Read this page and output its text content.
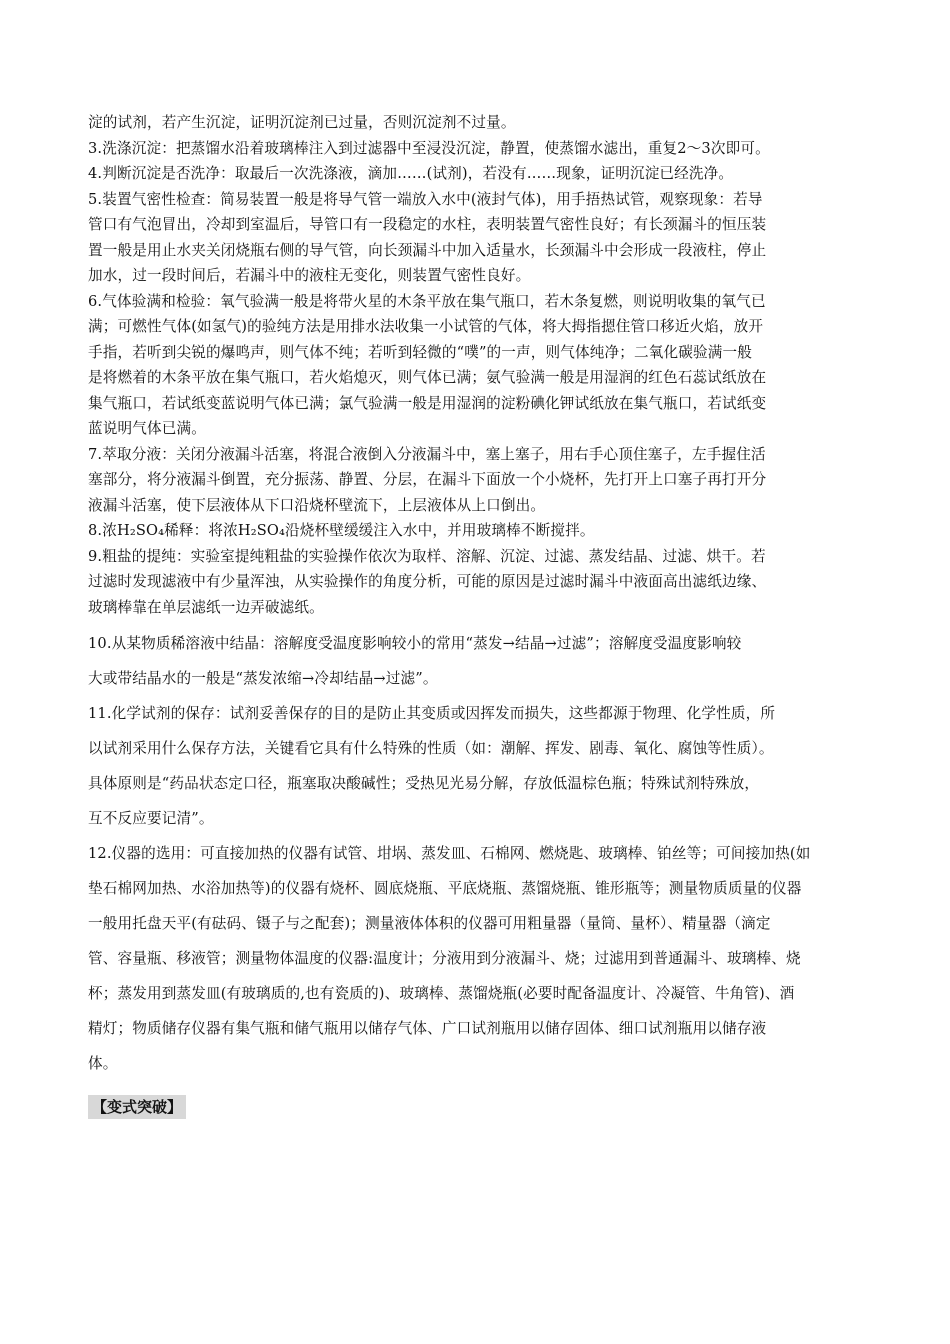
淀的试剂，若产生沉淀，证明沉淀剂已过量，否则沉淀剂不过量。
3.洗涤沉淀：把蒸馏水沿着玻璃棒注入到过滤器中至浸没沉淀，静置，使蒸馏水滤出，重复2～3次即可。
4.判断沉淀是否洗净：取最后一次洗涤液，滴加……(试剂)，若没有……现象，证明沉淀已经洗净。
5.装置气密性检查：简易装置一般是将导气管一端放入水中(液封气体)，用手捂热试管，观察现象：若导
管口有气泡冒出，冷却到室温后，导管口有一段稳定的水柱，表明装置气密性良好；有长颈漏斗的恒压装
置一般是用止水夹关闭烧瓶右侧的导气管，向长颈漏斗中加入适量水，长颈漏斗中会形成一段液柱，停止
加水，过一段时间后，若漏斗中的液柱无变化，则装置气密性良好。
6.气体验满和检验：氧气验满一般是将带火星的木条平放在集气瓶口，若木条复燃，则说明收集的氧气已
满；可燃性气体(如氢气)的验纯方法是用排水法收集一小试管的气体，将大拇指摁住管口移近火焰，放开
手指，若听到尖锐的爆鸣声，则气体不纯；若听到轻微的“噗”的一声，则气体纯净；二氧化碳验满一般
是将燃着的木条平放在集气瓶口，若火焰熄灭，则气体已满；氨气验满一般是用湿润的红色石蕊试纸放在
集气瓶口，若试纸变蓝说明气体已满；氯气验满一般是用湿润的淀粉碘化钾试纸放在集气瓶口，若试纸变
蓝说明气体已满。
7.萃取分液：关闭分液漏斗活塞，将混合液倒入分液漏斗中，塞上塞子，用右手心顶住塞子，左手握住活
塞部分，将分液漏斗倒置，充分振荡、静置、分层，在漏斗下面放一个小烧杯，先打开上口塞子再打开分
液漏斗活塞，使下层液体从下口沿烧杯壁流下，上层液体从上口倒出。
8.浓H₂SO₄稀释：将浓H₂SO₄沿烧杯壁缓缓注入水中，并用玻璃棒不断搅拌。
9.粗盐的提纯：实验室提纯粗盐的实验操作依次为取样、溶解、沉淀、过滤、蒸发结晶、过滤、烘干。若
过滤时发现滤液中有少量浑浊，从实验操作的角度分析，可能的原因是过滤时漏斗中液面高出滤纸边缘、
玻璃棒靠在单层滤纸一边弄破滤纸。
10.从某物质稀溶液中结晶：溶解度受温度影响较小的常用“蒸发→结晶→过滤”；溶解度受温度影响较
大或带结晶水的一般是“蒸发浓缩→冷却结晶→过滤”。
11.化学试剂的保存：试剂妥善保存的目的是防止其变质或因挥发而损失，这些都源于物理、化学性质，所
以试剂采用什么保存方法，关键看它具有什么特殊的性质（如：潮解、挥发、剧毒、氧化、腐蚀等性质）。
具体原则是“药品状态定口径，瓶塞取决酸碱性；受热见光易分解，存放低温棕色瓶；特殊试剂特殊放，
互不反应要记清”。
12.仪器的选用：可直接加热的仪器有试管、坩埚、蒸发皿、石棉网、燃烧匙、玻璃棒、铂丝等；可间接加热(如
垫石棉网加热、水浴加热等)的仪器有烧杯、圆底烧瓶、平底烧瓶、蒸馏烧瓶、锥形瓶等；测量物质质量的仪器
一般用托盘天平(有砝码、镊子与之配套)；测量液体体积的仪器可用粗量器（量筒、量杯）、精量器（滴定
管、容量瓶、移液管；测量物体温度的仪器:温度计；分液用到分液漏斗、烧；过滤用到普通漏斗、玻璃棒、烧
杯；蒸发用到蒸发皿(有玻璃质的,也有瓷质的)、玻璃棒、蒸馏烧瓶(必要时配备温度计、冷凝管、牛角管)、酒
精灯；物质储存仪器有集气瓶和储气瓶用以储存气体、广口试剂瓶用以储存固体、细口试剂瓶用以储存液
体。
【变式突破】
